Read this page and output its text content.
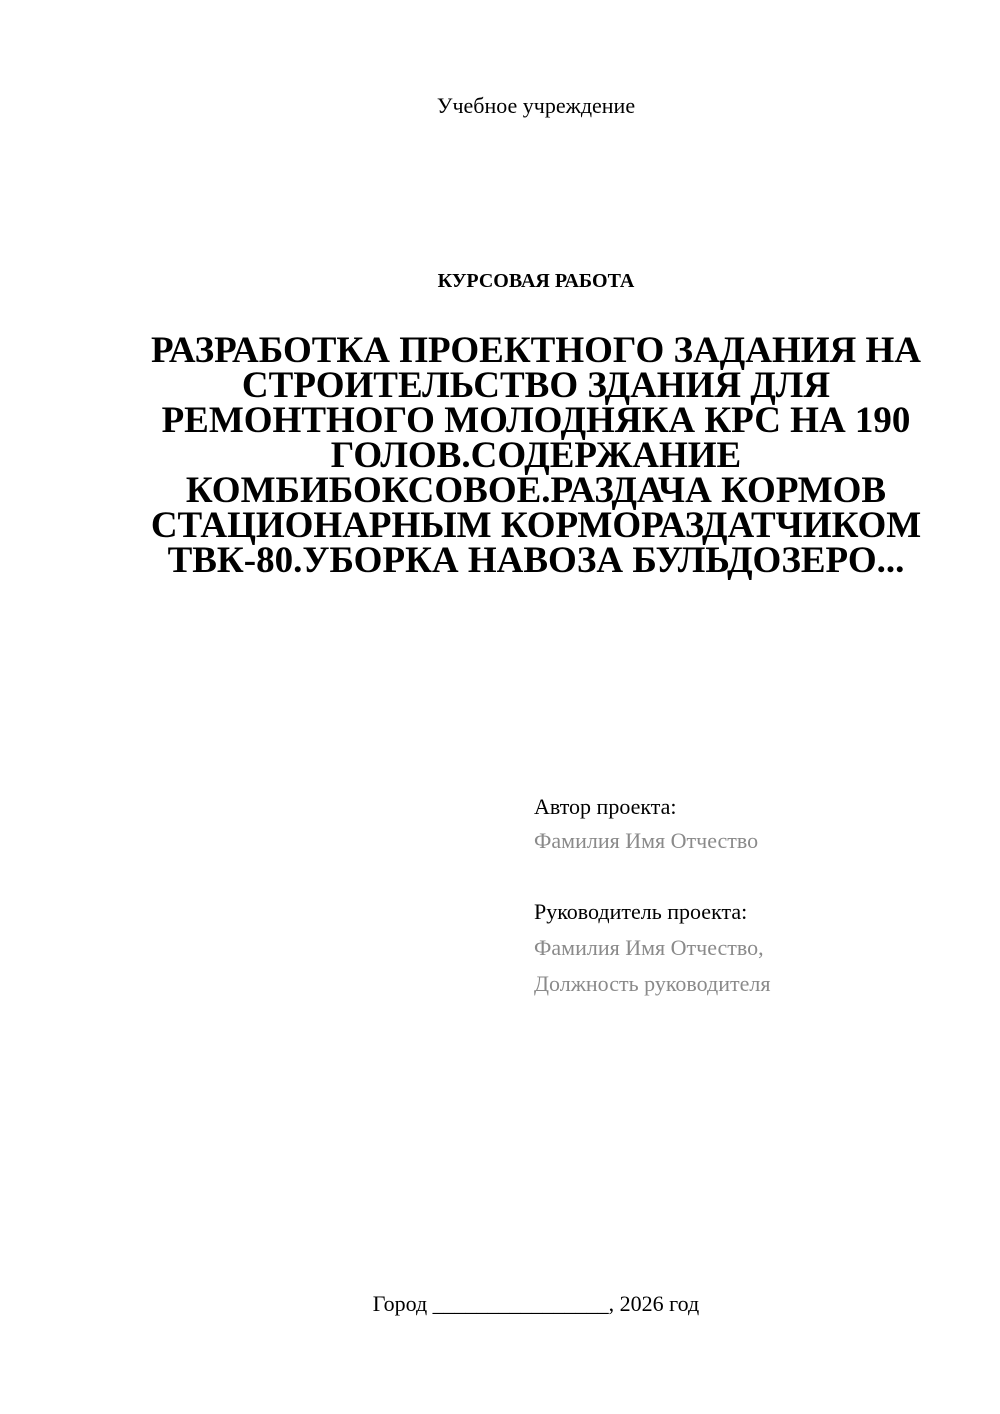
Учебное учреждение
КУРСОВАЯ РАБОТА
РАЗРАБОТКА ПРОЕКТНОГО ЗАДАНИЯ НА СТРОИТЕЛЬСТВО ЗДАНИЯ ДЛЯ РЕМОНТНОГО МОЛОДНЯКА КРС НА 190 ГОЛОВ.СОДЕРЖАНИЕ КОМБИБОКСОВОЕ.РАЗДАЧА КОРМОВ СТАЦИОНАРНЫМ КОРМОРАЗДАТЧИКОМ ТВК-80.УБОРКА НАВОЗА БУЛЬДОЗЕРО...
Автор проекта:
Фамилия Имя Отчество
Руководитель проекта:
Фамилия Имя Отчество,
Должность руководителя
Город ________________, 2026 год
